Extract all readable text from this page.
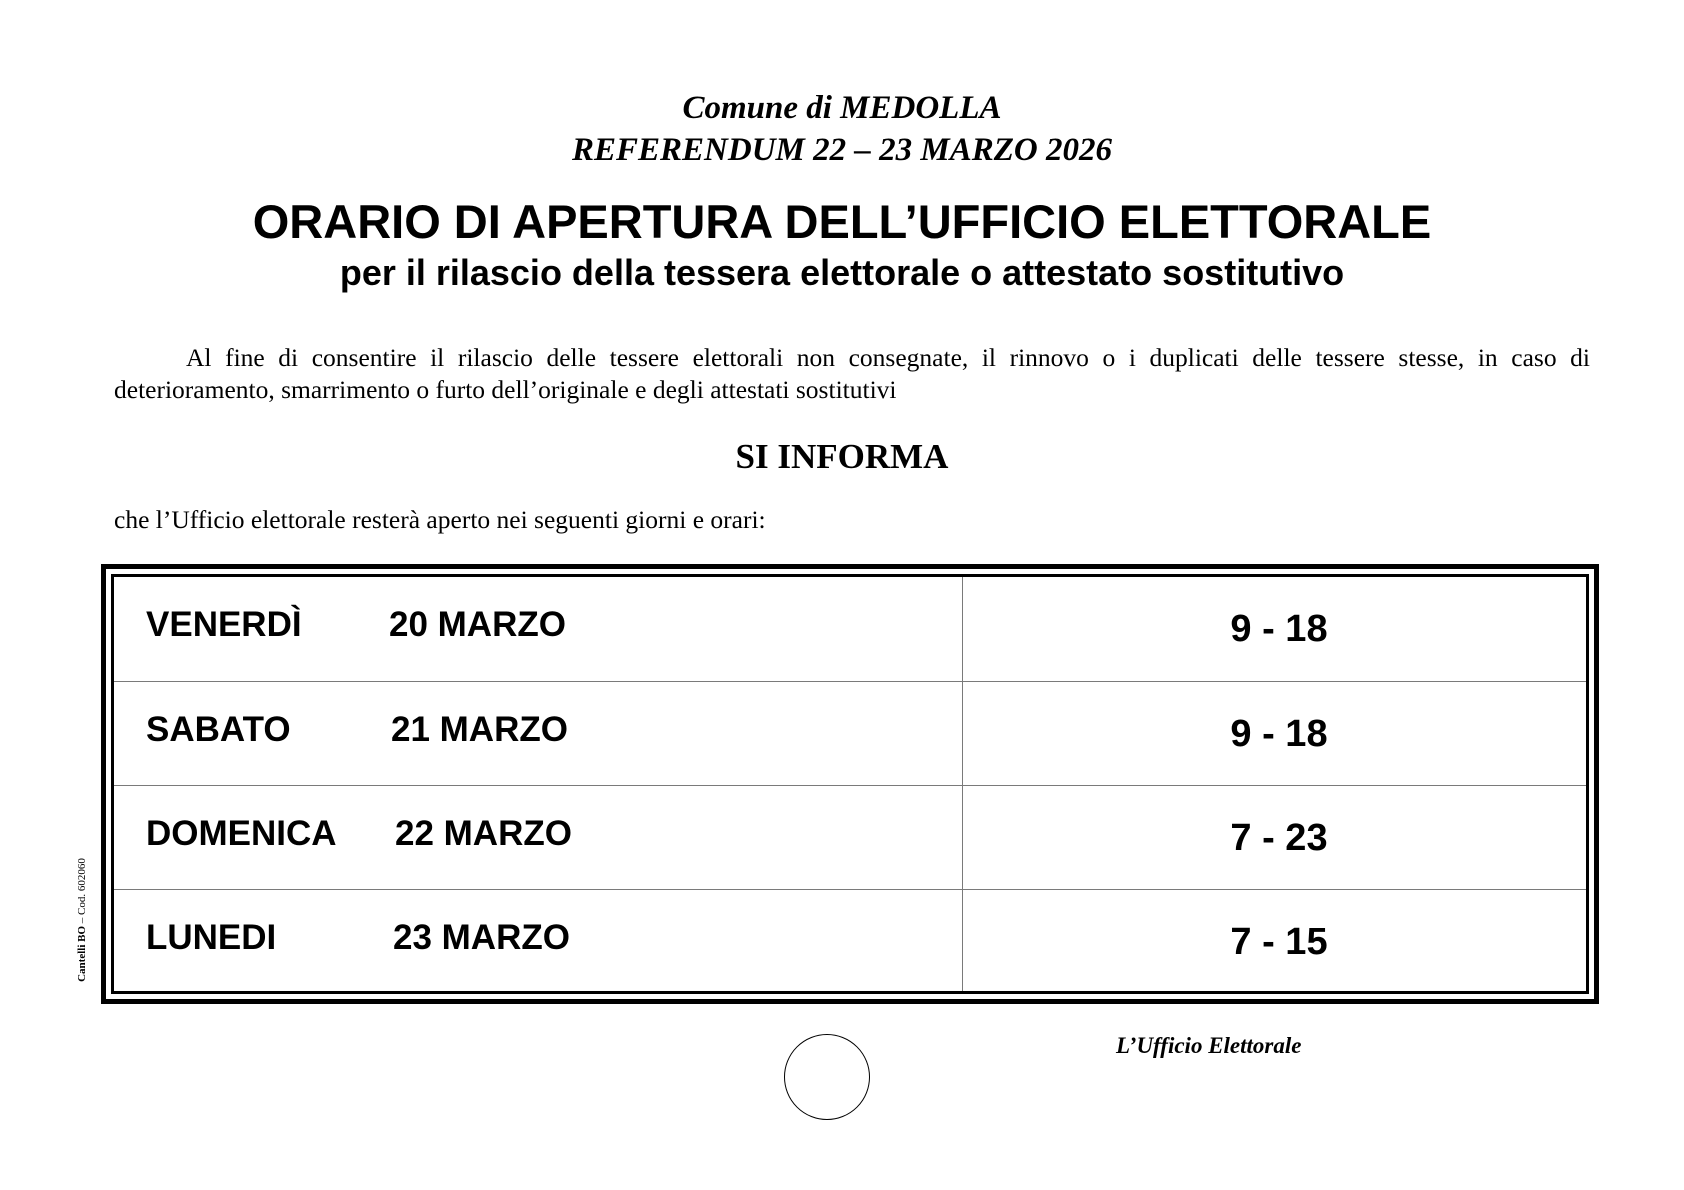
Comune di MEDOLLA
REFERENDUM 22 – 23 MARZO 2026
ORARIO DI APERTURA DELL’UFFICIO ELETTORALE
per il rilascio della tessera elettorale o attestato sostitutivo
Al fine di consentire il rilascio delle tessere elettorali non consegnate, il rinnovo o i duplicati delle tessere stesse, in caso di deterioramento, smarrimento o furto dell’originale e degli attestati sostitutivi
SI INFORMA
che l’Ufficio elettorale resterà aperto nei seguenti giorni e orari:
VENERDÌ 20 MARZO	9 - 18
SABATO	21 MARZO	9 - 18
DOMENICA 22 MARZO	7 - 23
LUNEDI	23 MARZO	7 - 15
L’Ufficio Elettorale
Cantelli BO – Cod. 602060
